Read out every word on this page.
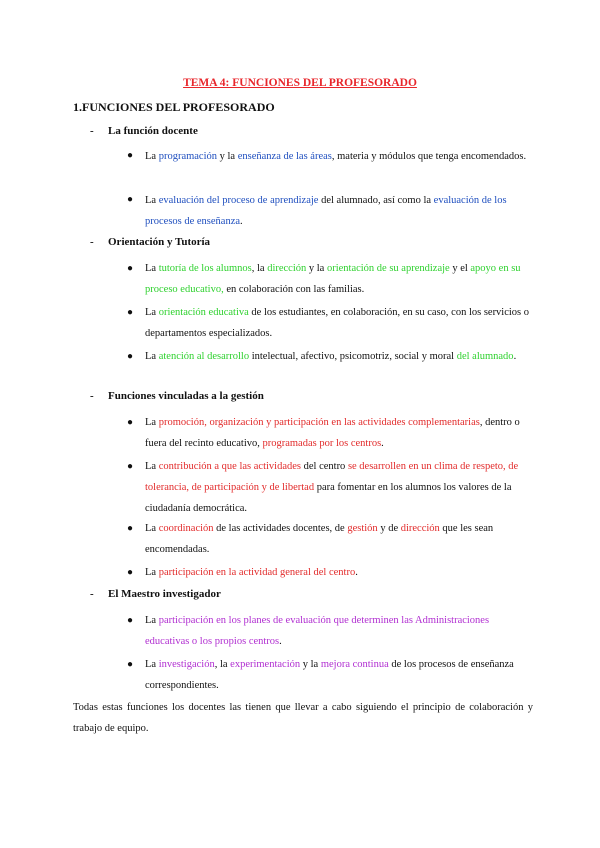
TEMA 4: FUNCIONES DEL PROFESORADO
1.FUNCIONES DEL PROFESORADO
- La función docente
● La programación y la enseñanza de las áreas, materia y módulos que tenga encomendados.
● La evaluación del proceso de aprendizaje del alumnado, así como la evaluación de los procesos de enseñanza.
- Orientación y Tutoría
● La tutoría de los alumnos, la dirección y la orientación de su aprendizaje y el apoyo en su proceso educativo, en colaboración con las familias.
● La orientación educativa de los estudiantes, en colaboración, en su caso, con los servicios o departamentos especializados.
● La atención al desarrollo intelectual, afectivo, psicomotriz, social y moral del alumnado.
- Funciones vinculadas a la gestión
● La promoción, organización y participación en las actividades complementarias, dentro o fuera del recinto educativo, programadas por los centros.
● La contribución a que las actividades del centro se desarrollen en un clima de respeto, de tolerancia, de participación y de libertad para fomentar en los alumnos los valores de la ciudadanía democrática.
● La coordinación de las actividades docentes, de gestión y de dirección que les sean encomendadas.
● La participación en la actividad general del centro.
- El Maestro investigador
● La participación en los planes de evaluación que determinen las Administraciones educativas o los propios centros.
● La investigación, la experimentación y la mejora continua de los procesos de enseñanza correspondientes.
Todas estas funciones los docentes las tienen que llevar a cabo siguiendo el principio de colaboración y trabajo de equipo.
